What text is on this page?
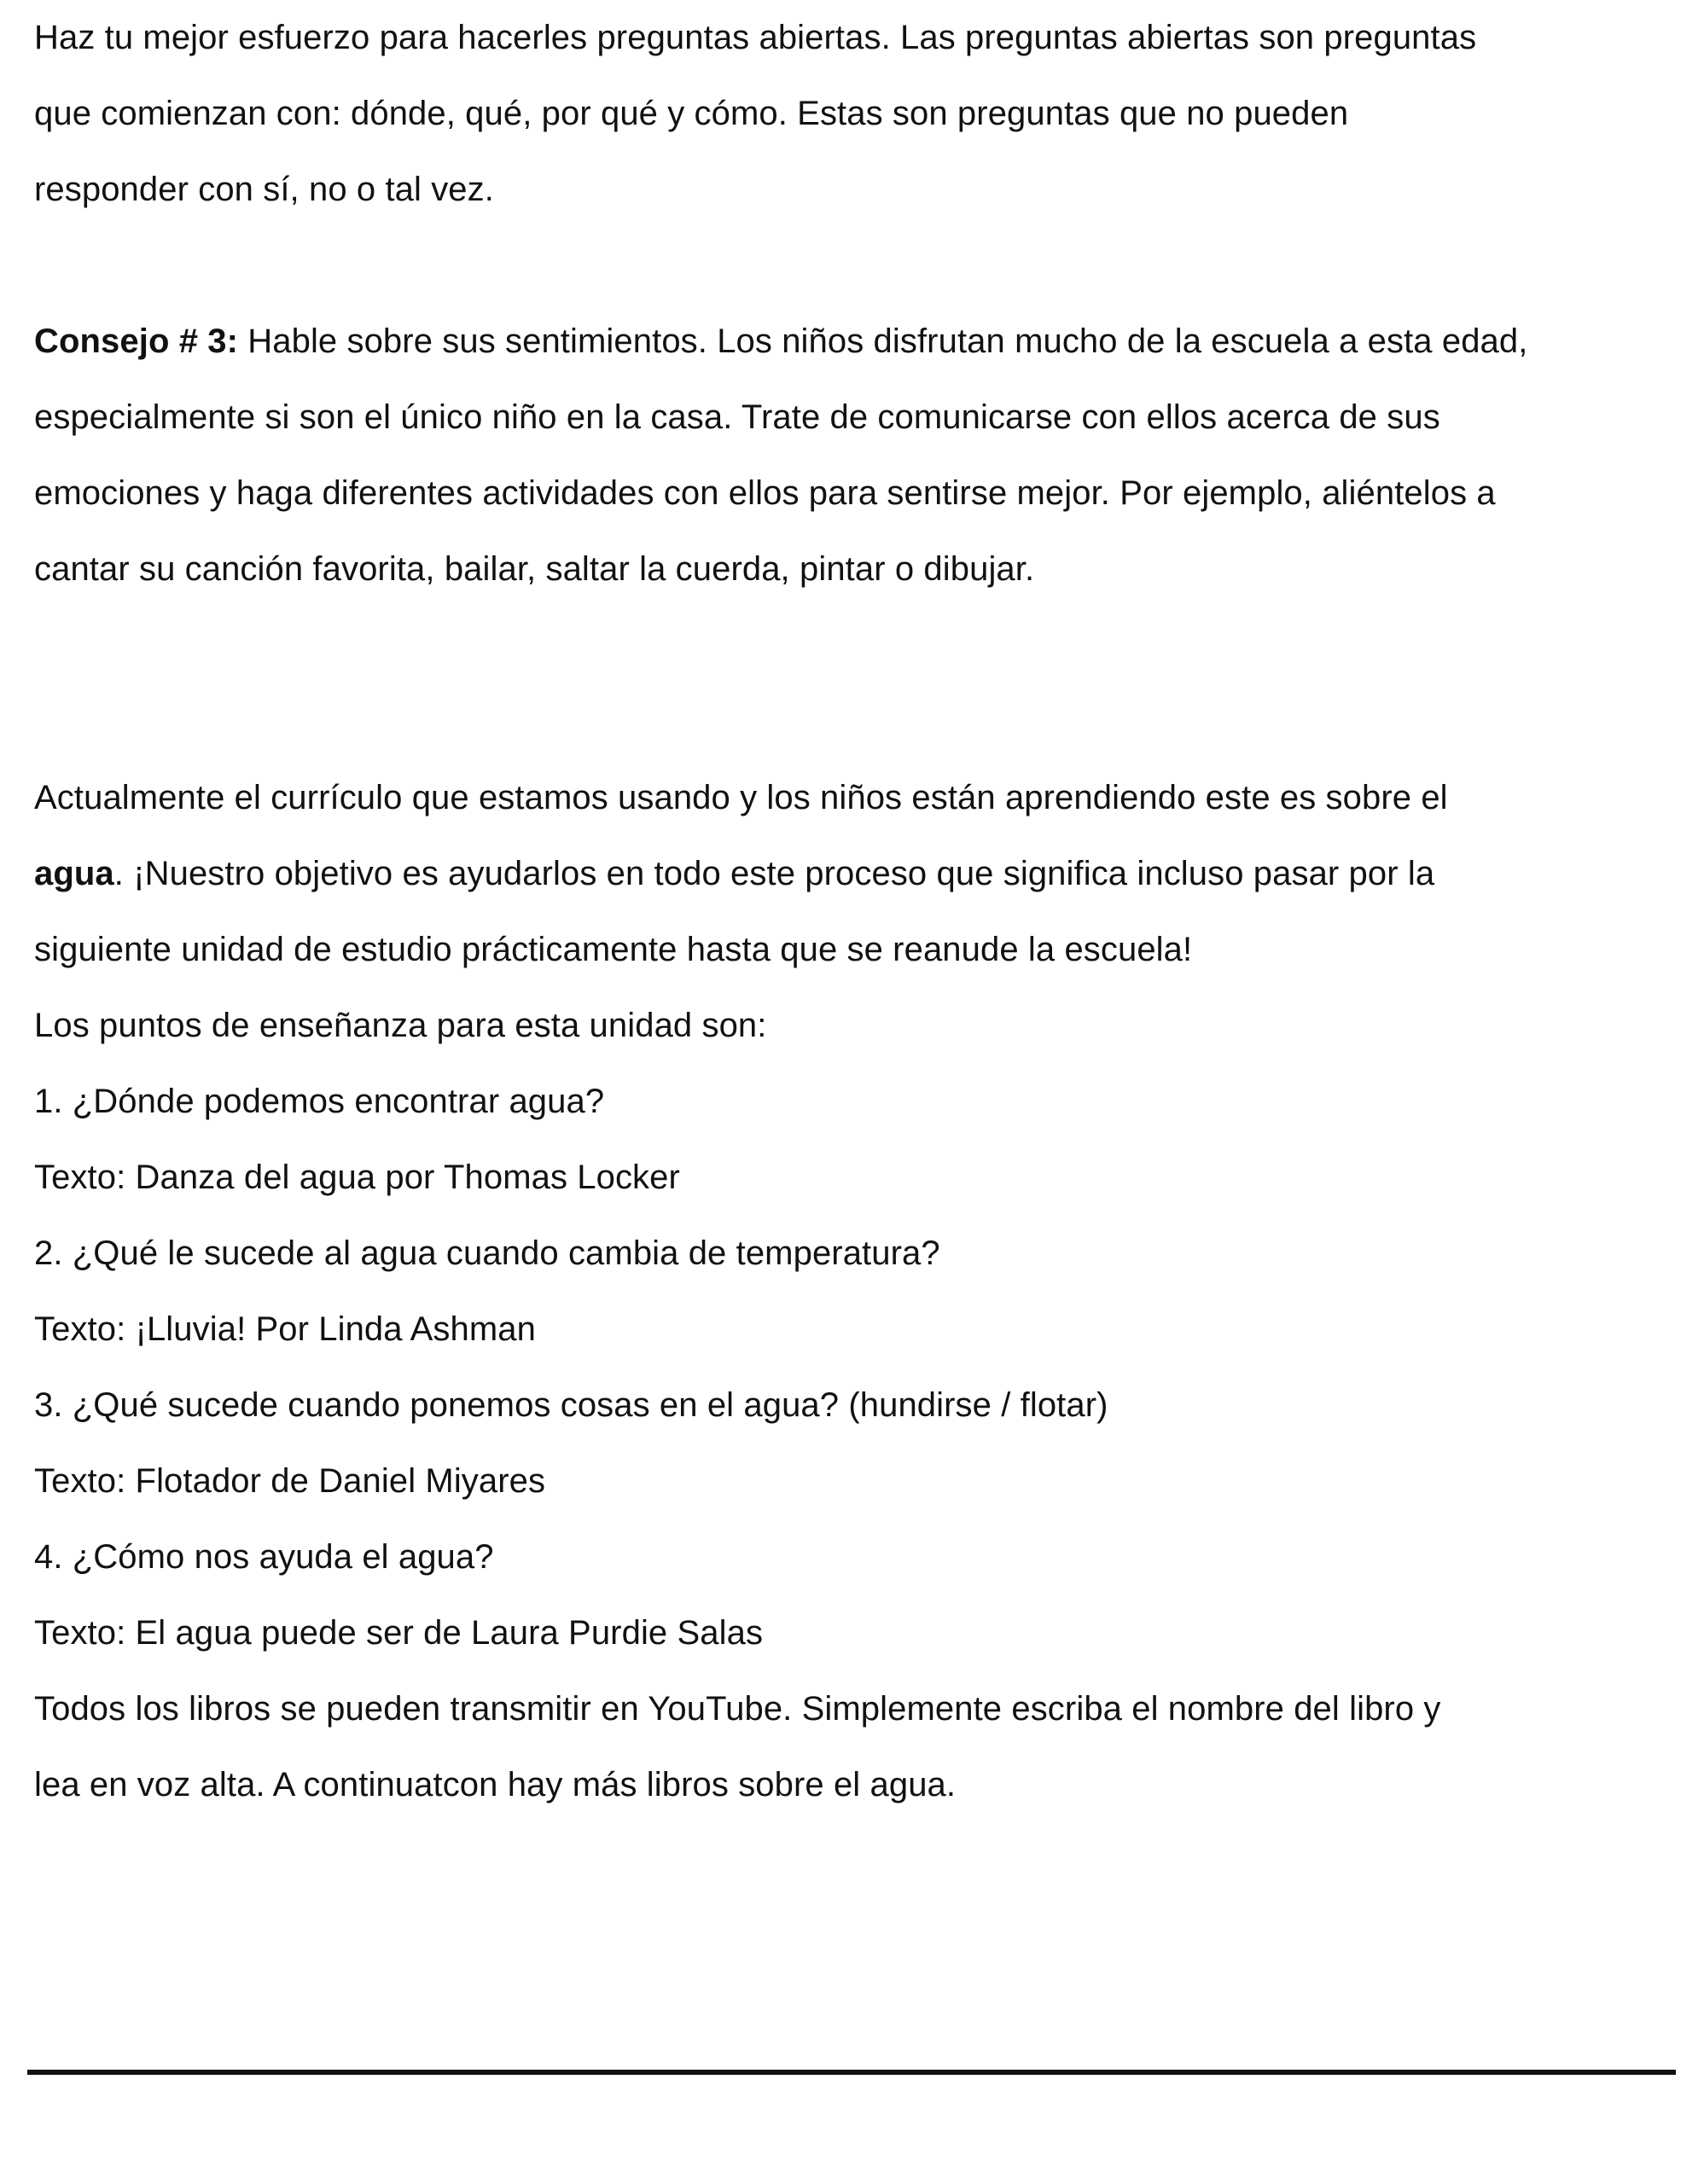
Haz tu mejor esfuerzo para hacerles preguntas abiertas. Las preguntas abiertas son preguntas
que comienzan con: dónde, qué, por qué y cómo. Estas son preguntas que no pueden
responder con sí, no o tal vez.
Consejo # 3: Hable sobre sus sentimientos. Los niños disfrutan mucho de la escuela a esta edad,
especialmente si son el único niño en la casa. Trate de comunicarse con ellos acerca de sus
emociones y haga diferentes actividades con ellos para sentirse mejor. Por ejemplo, aliéntelos a
cantar su canción favorita, bailar, saltar la cuerda, pintar o dibujar.
Actualmente el currículo que estamos usando y los niños están aprendiendo este es sobre el
agua. ¡Nuestro objetivo es ayudarlos en todo este proceso que significa incluso pasar por la
siguiente unidad de estudio prácticamente hasta que se reanude la escuela!
Los puntos de enseñanza para esta unidad son:
1. ¿Dónde podemos encontrar agua?
Texto: Danza del agua por Thomas Locker
2. ¿Qué le sucede al agua cuando cambia de temperatura?
Texto: ¡Lluvia! Por Linda Ashman
3. ¿Qué sucede cuando ponemos cosas en el agua? (hundirse / flotar)
Texto: Flotador de Daniel Miyares
4. ¿Cómo nos ayuda el agua?
Texto: El agua puede ser de Laura Purdie Salas
Todos los libros se pueden transmitir en YouTube. Simplemente escriba el nombre del libro y
lea en voz alta. A continuatcon hay más libros sobre el agua.
